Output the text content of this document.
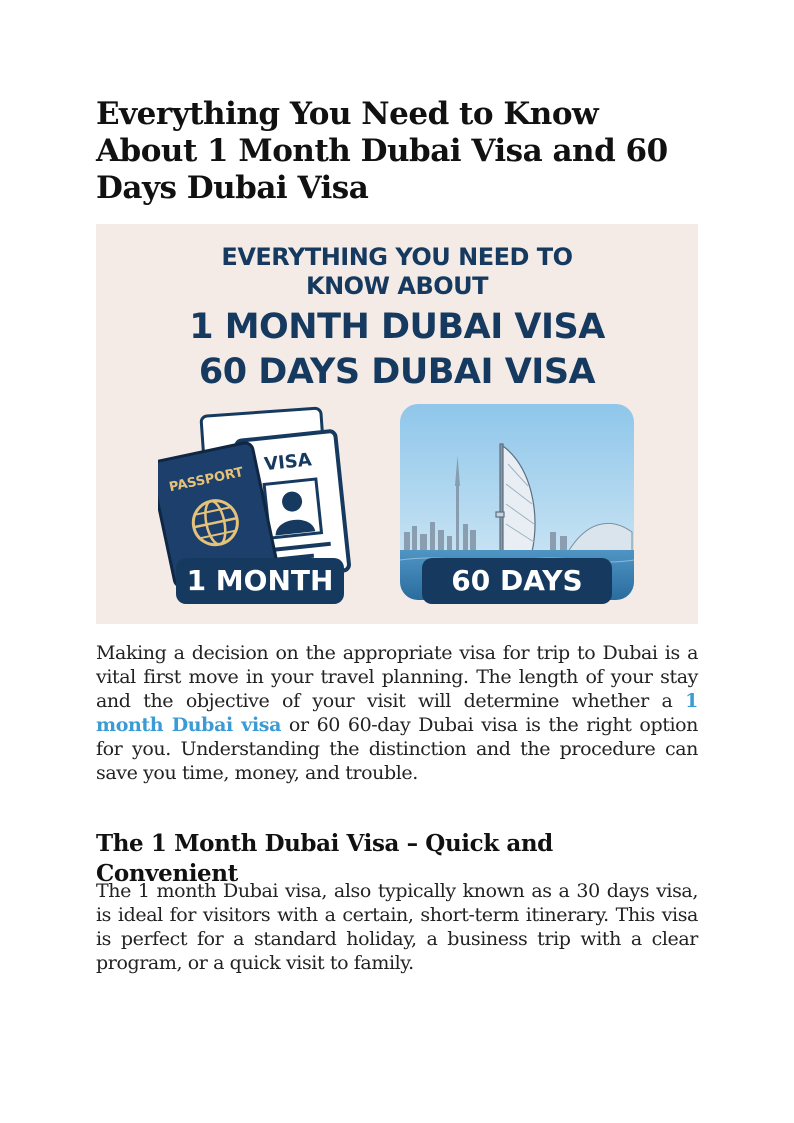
Everything You Need to Know About 1 Month Dubai Visa and 60 Days Dubai Visa

EVERYTHING YOU NEED TO

KNOW ABOUT

1 MONTH DUBAI VISA

60 DAYS DUBAI VISA

VISA
PASSPORT
1 MONTH	60 DAYS

Making a decision on the appropriate visa for trip to Dubai is a vital first move in your travel planning. The length of your stay and the objective of your visit will determine whether a 1 month Dubai visa or 60 60-day Dubai visa is the right option for you. Understanding the distinction and the procedure can save you time, money, and trouble.

The 1 Month Dubai Visa – Quick and Convenient

The 1 month Dubai visa, also typically known as a 30 days visa, is ideal for visitors with a certain, short-term itinerary. This visa is perfect for a standard holiday, a business trip with a clear program, or a quick visit to family.
